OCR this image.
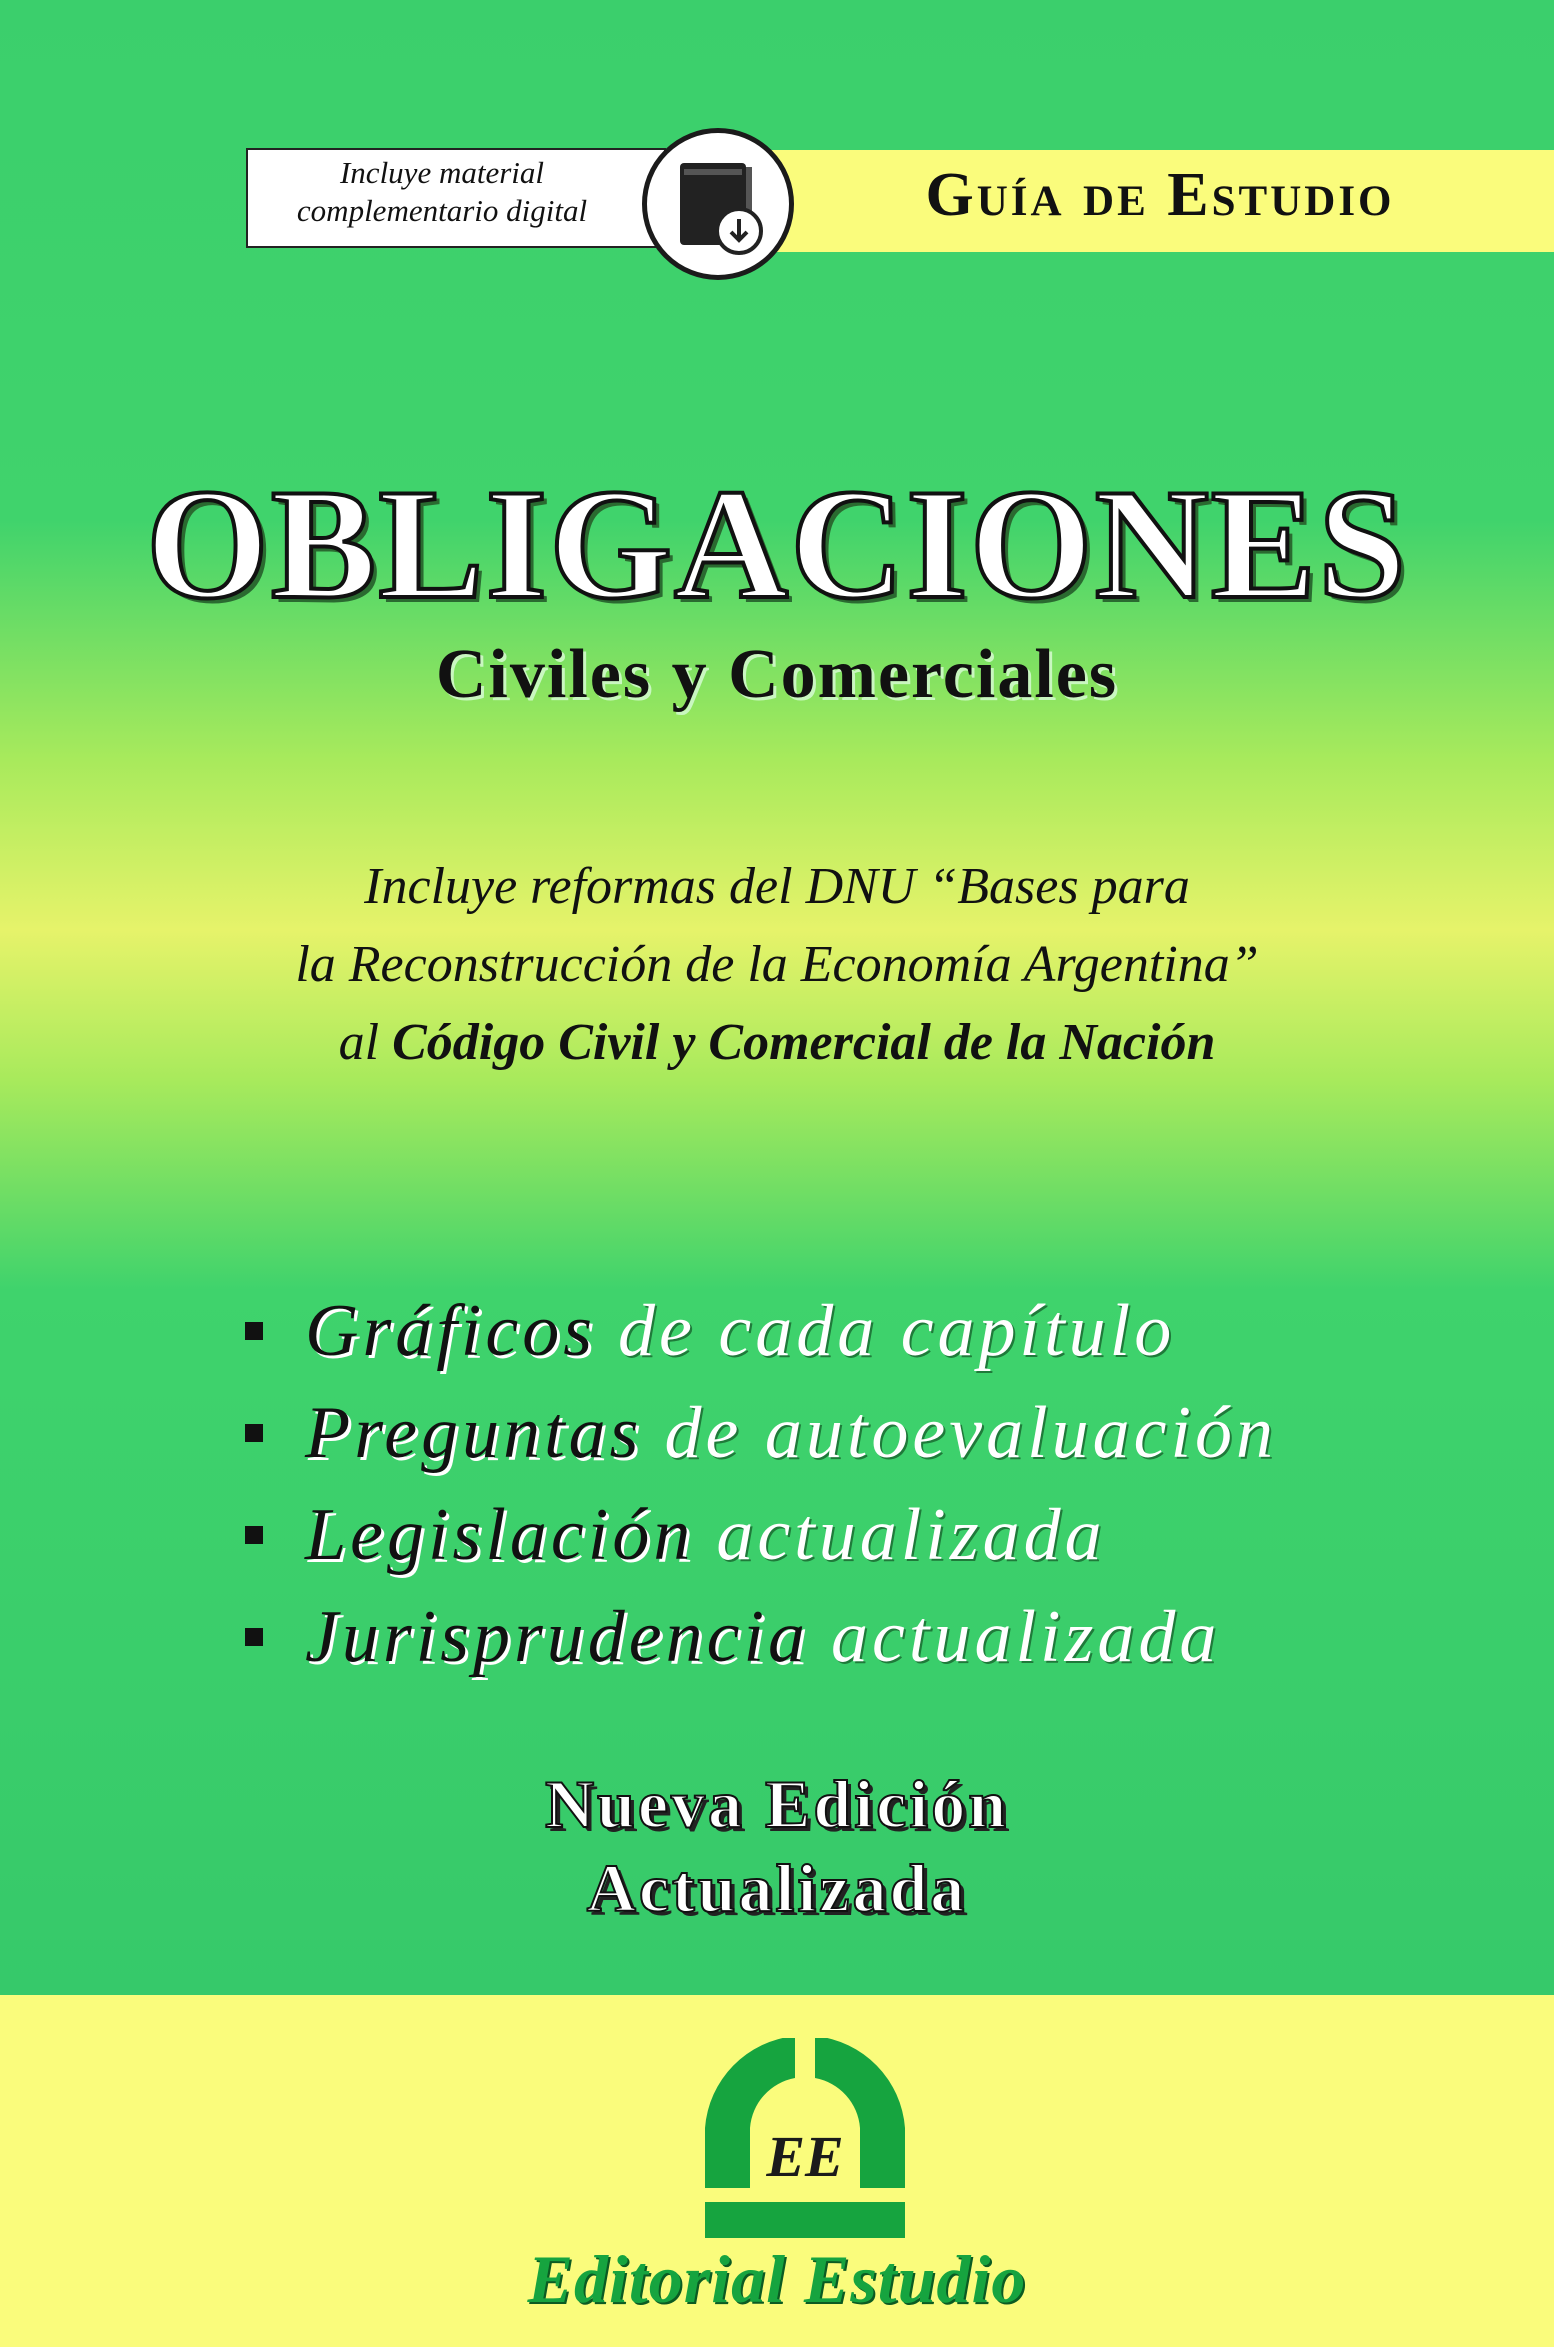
Incluye material
complementario digital	Guía de Estudio
OBLIGACIONES
Civiles y Comerciales
Incluye reformas del DNU “Bases para
la Reconstrucción de la Economía Argentina”
al Código Civil y Comercial de la Nación
Gráficos de cada capítulo
Preguntas de autoevaluación
Legislación actualizada
Jurisprudencia actualizada
Nueva Edición
Actualizada
EE
Editorial Estudio
